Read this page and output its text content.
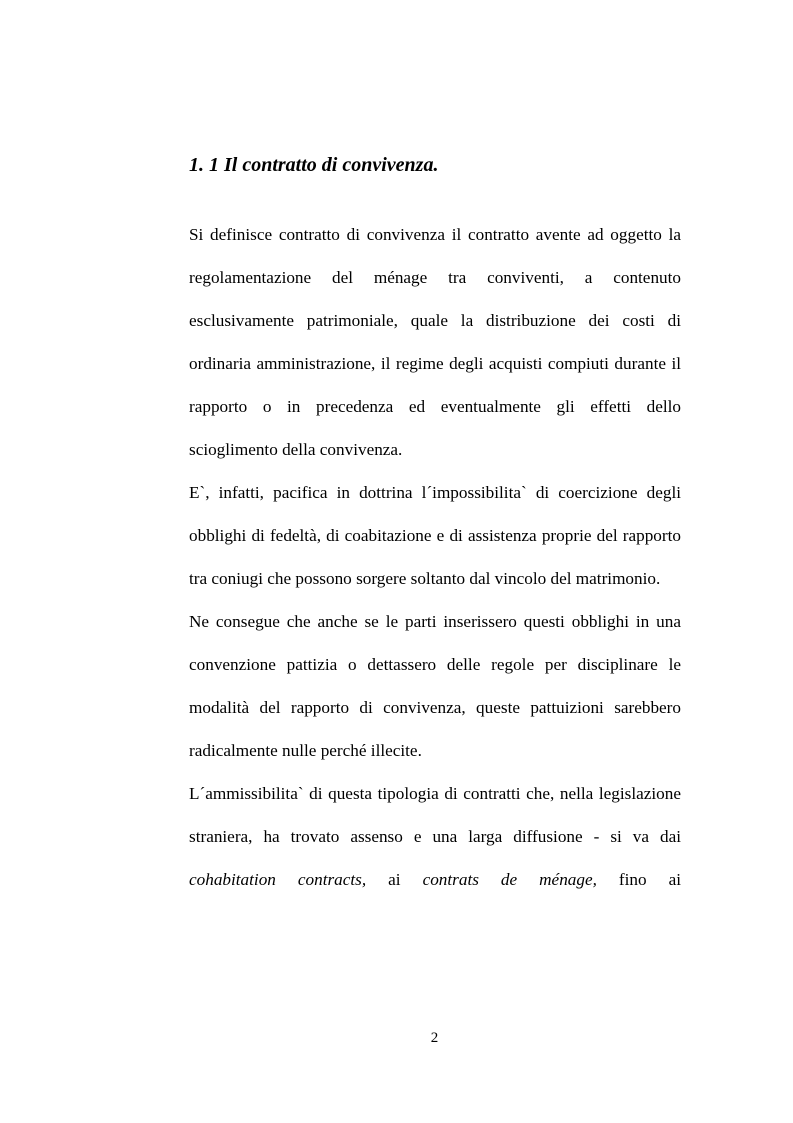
1. 1 Il contratto di convivenza.

Si definisce contratto di convivenza il contratto avente ad oggetto la regolamentazione del ménage tra conviventi, a contenuto esclusivamente patrimoniale, quale la distribuzione dei costi di ordinaria amministrazione, il regime degli acquisti compiuti durante il rapporto o in precedenza ed eventualmente gli effetti dello scioglimento della convivenza.

E`, infatti, pacifica in dottrina l´impossibilita` di coercizione degli obblighi di fedeltà, di coabitazione e di assistenza proprie del rapporto tra coniugi che possono sorgere soltanto dal vincolo del matrimonio.

Ne consegue che anche se le parti inserissero questi obblighi in una convenzione pattizia o dettassero delle regole per disciplinare le modalità del rapporto di convivenza, queste pattuizioni sarebbero radicalmente nulle perché illecite.

L´ammissibilita` di questa tipologia di contratti che, nella legislazione straniera, ha trovato assenso e una larga diffusione - si va dai cohabitation contracts, ai contrats de ménage, fino ai

2
